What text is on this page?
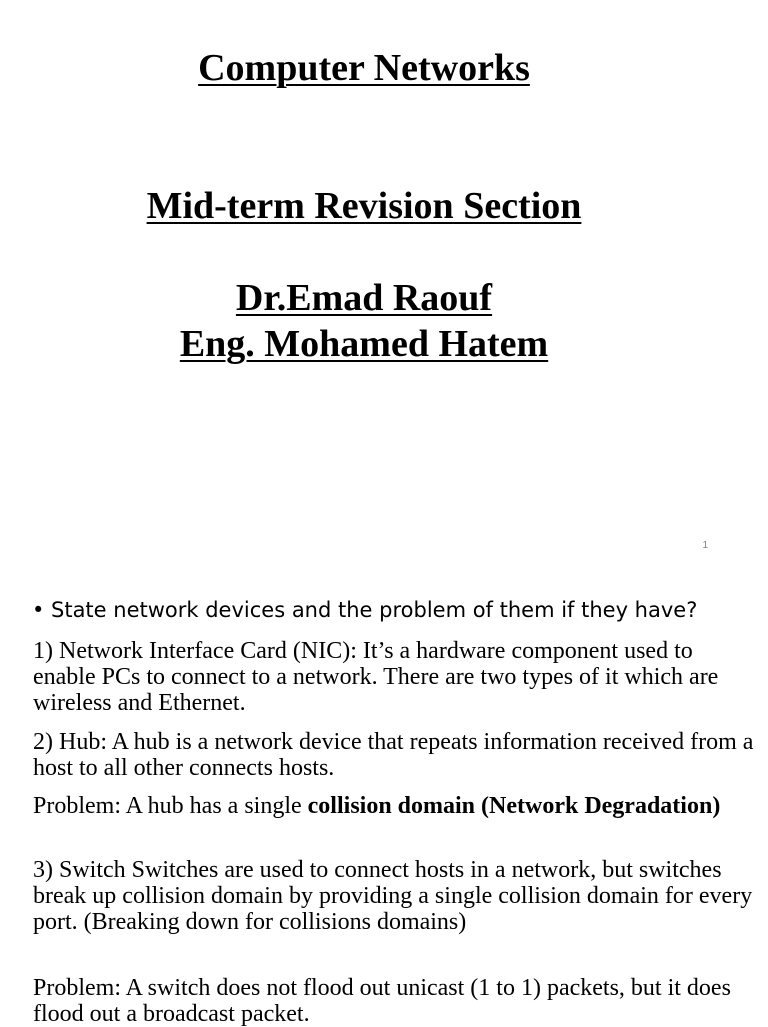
Computer Networks
Mid-term Revision Section
Dr.Emad Raouf
Eng. Mohamed Hatem
1
• State network devices and the problem of them if they have?

1) Network Interface Card (NIC): It’s a hardware component used to enable PCs to connect to a network. There are two types of it which are wireless and Ethernet.

2) Hub: A hub is a network device that repeats information received from a host to all other connects hosts.

Problem: A hub has a single collision domain (Network Degradation)

3) Switch Switches are used to connect hosts in a network, but switches break up collision domain by providing a single collision domain for every port. (Breaking down for collisions domains)

Problem: A switch does not flood out unicast (1 to 1) packets, but it does flood out a broadcast packet.
